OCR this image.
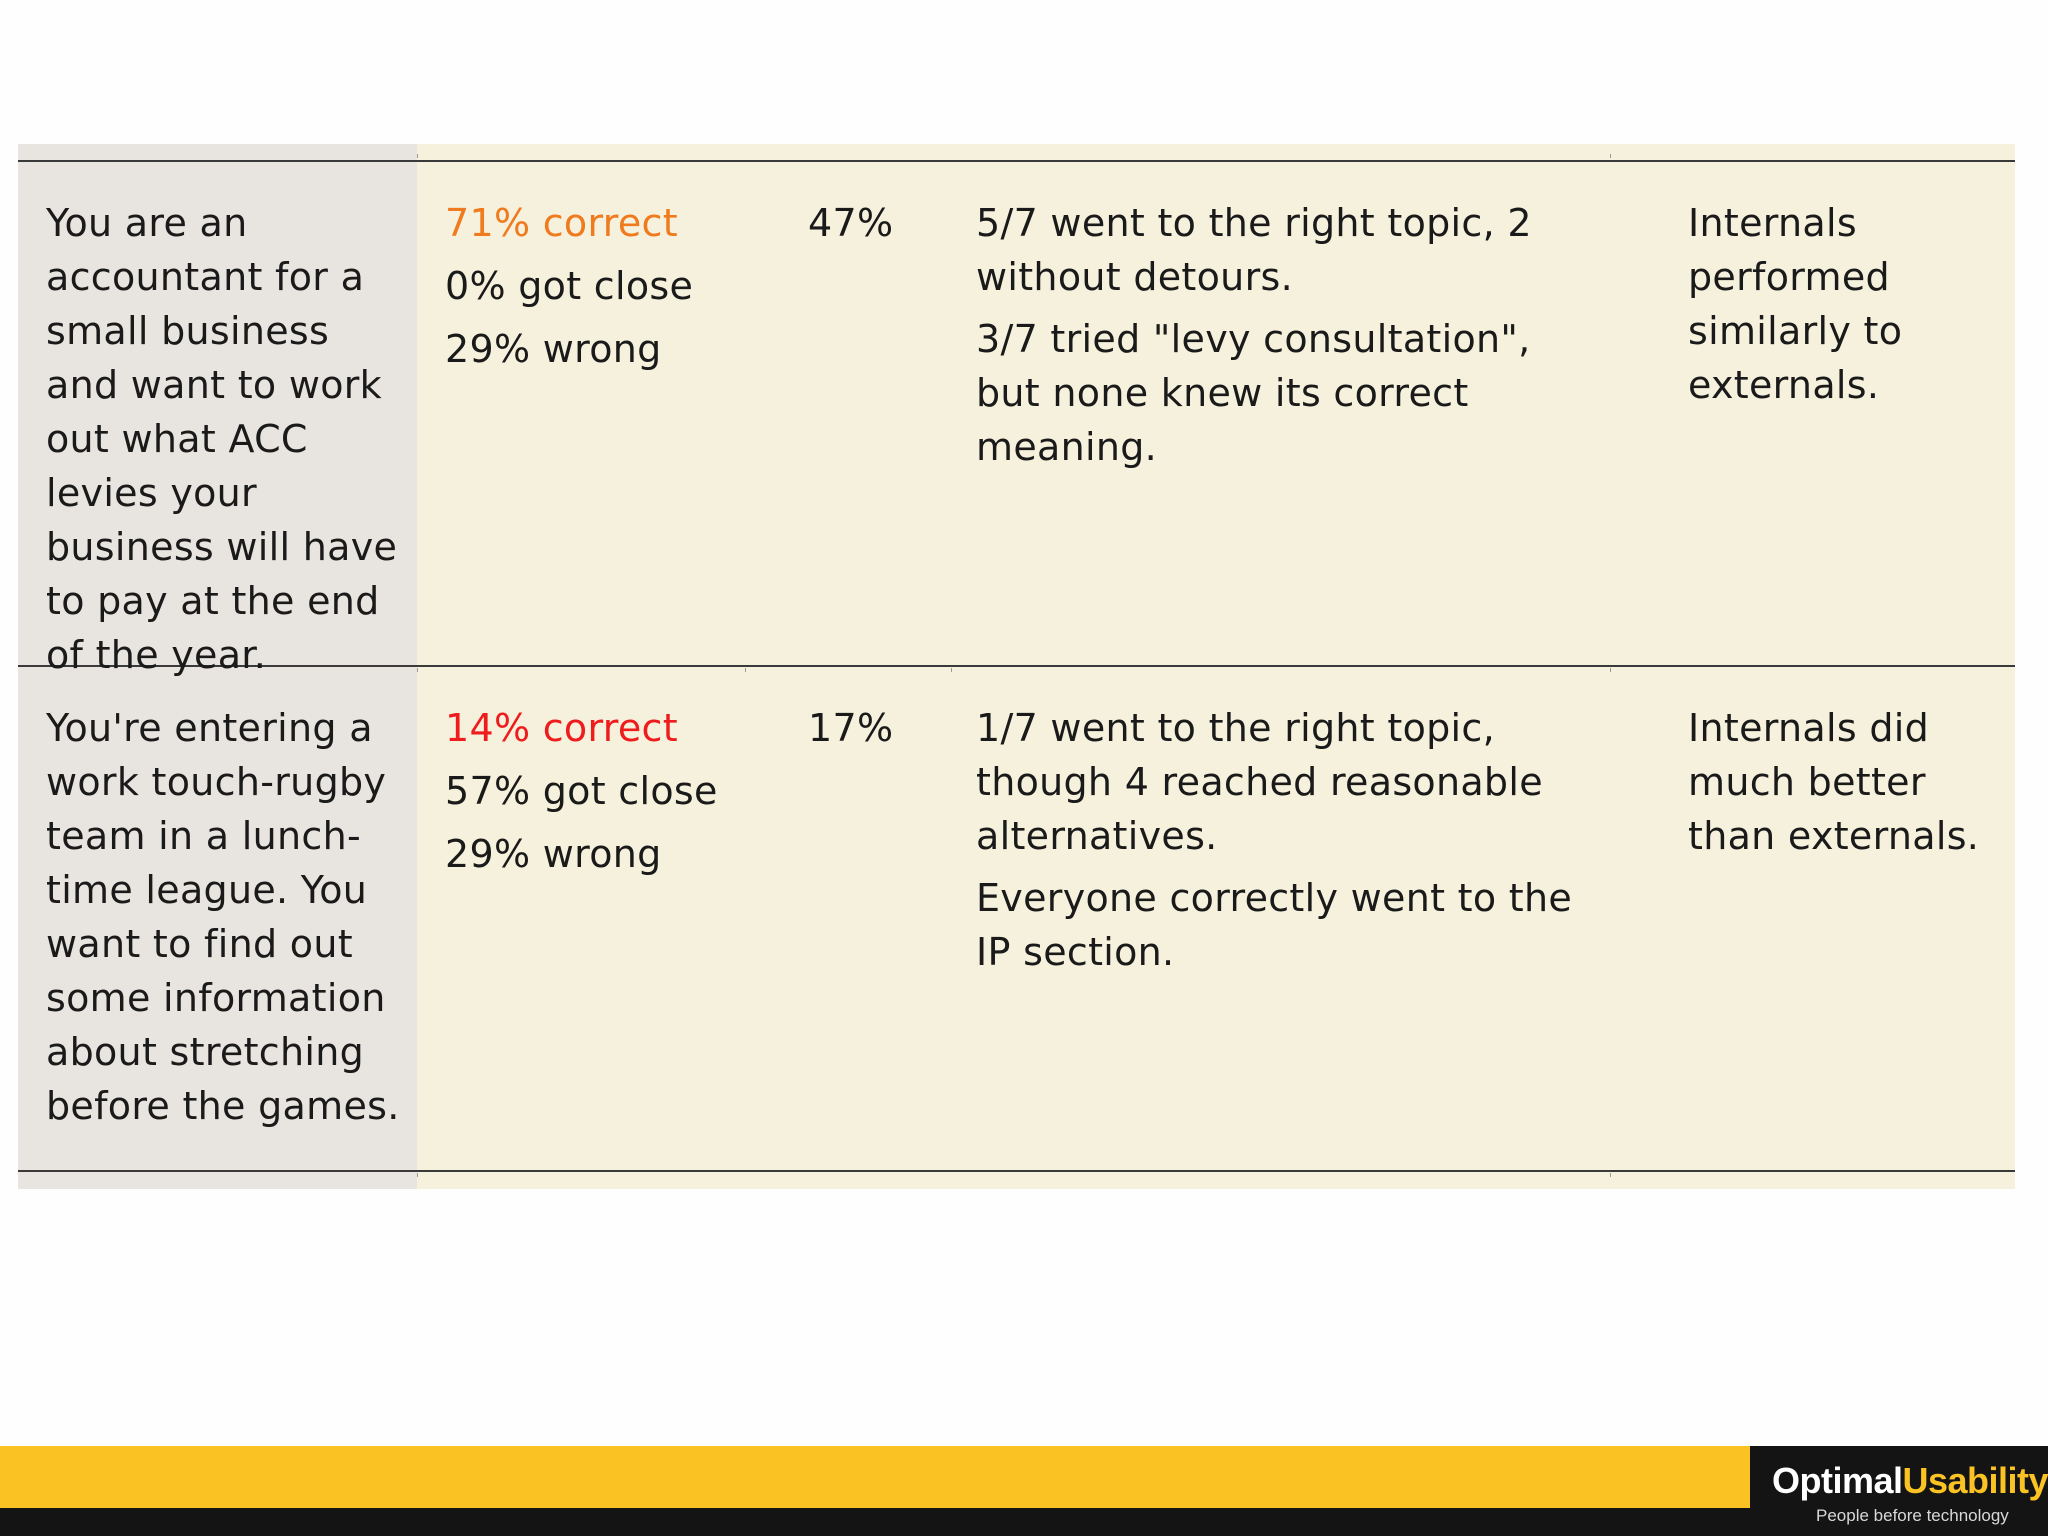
You are an accountant for a small business and want to work out what ACC levies your business will have to pay at the end of the year.

71% correct

0% got close

29% wrong

47%	5/7 went to the right topic, 2 without detours.

3/7 tried "levy consultation", but none knew its correct meaning.

Internals performed similarly to externals.

You're entering a work touch-rugby team in a lunch-time league. You want to find out some information about stretching before the games.

14% correct

57% got close

29% wrong

17%	1/7 went to the right topic, though 4 reached reasonable alternatives.

Everyone correctly went to the IP section.

Internals did much better than externals.

OptimalUsability
People before technology
